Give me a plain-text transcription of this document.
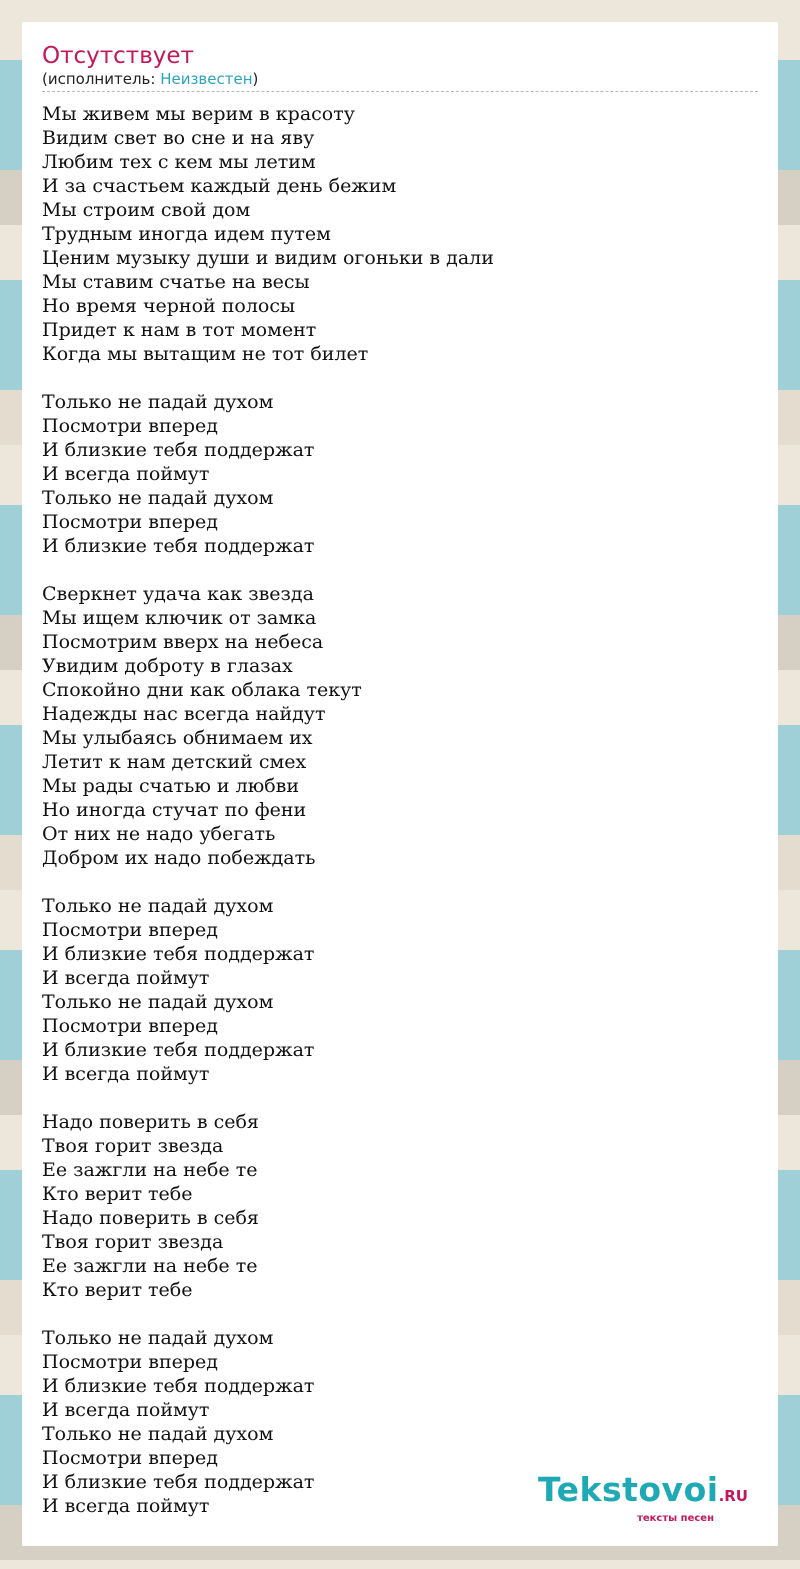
Отсутствует
(исполнитель: Неизвестен)
Мы живем мы верим в красоту
Видим свет во сне и на яву
Любим тех с кем мы летим
И за счастьем каждый день бежим
Мы строим свой дом
Трудным иногда идем путем
Ценим музыку души и видим огоньки в дали
Мы ставим счатье на весы
Но время черной полосы
Придет к нам в тот момент
Когда мы вытащим не тот билет
Только не падай духом
Посмотри вперед
И близкие тебя поддержат
И всегда поймут
Только не падай духом
Посмотри вперед
И близкие тебя поддержат
Сверкнет удача как звезда
Мы ищем ключик от замка
Посмотрим вверх на небеса
Увидим доброту в глазах
Спокойно дни как облака текут
Надежды нас всегда найдут
Мы улыбаясь обнимаем их
Летит к нам детский смех
Мы рады счатью и любви
Но иногда стучат по фени
От них не надо убегать
Добром их надо побеждать
Только не падай духом
Посмотри вперед
И близкие тебя поддержат
И всегда поймут
Только не падай духом
Посмотри вперед
И близкие тебя поддержат
И всегда поймут
Надо поверить в себя
Твоя горит звезда
Ее зажгли на небе те
Кто верит тебе
Надо поверить в себя
Твоя горит звезда
Ее зажгли на небе те
Кто верит тебе
Только не падай духом
Посмотри вперед
И близкие тебя поддержат
И всегда поймут
Только не падай духом
Посмотри вперед
И близкие тебя поддержат
И всегда поймут	Tekstovoi.RU
тексты песен
